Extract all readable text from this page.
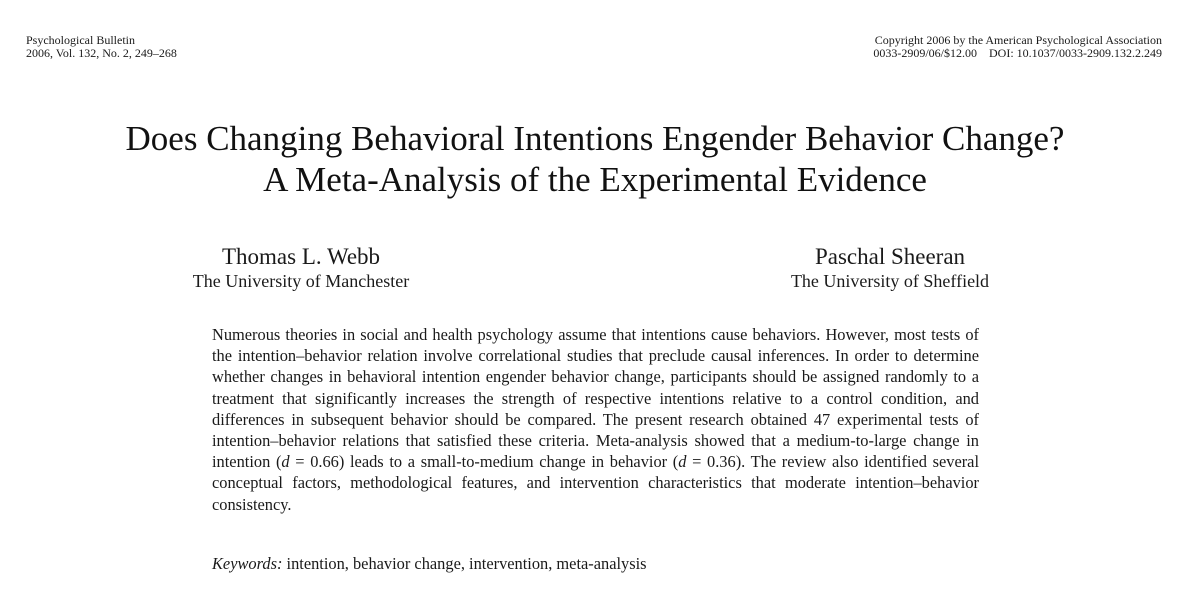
Psychological Bulletin
2006, Vol. 132, No. 2, 249–268
Copyright 2006 by the American Psychological Association
0033-2909/06/$12.00    DOI: 10.1037/0033-2909.132.2.249
Does Changing Behavioral Intentions Engender Behavior Change?
A Meta-Analysis of the Experimental Evidence
Thomas L. Webb
The University of Manchester
Paschal Sheeran
The University of Sheffield

Numerous theories in social and health psychology assume that intentions cause behaviors. However, most tests of the intention–behavior relation involve correlational studies that preclude causal inferences. In order to determine whether changes in behavioral intention engender behavior change, participants should be assigned randomly to a treatment that significantly increases the strength of respective intentions relative to a control condition, and differences in subsequent behavior should be compared. The present research obtained 47 experimental tests of intention–behavior relations that satisfied these criteria. Meta-analysis showed that a medium-to-large change in intention (d = 0.66) leads to a small-to-medium change in behavior (d = 0.36). The review also identified several conceptual factors, methodological features, and intervention characteristics that moderate intention–behavior consistency.

Keywords: intention, behavior change, intervention, meta-analysis
